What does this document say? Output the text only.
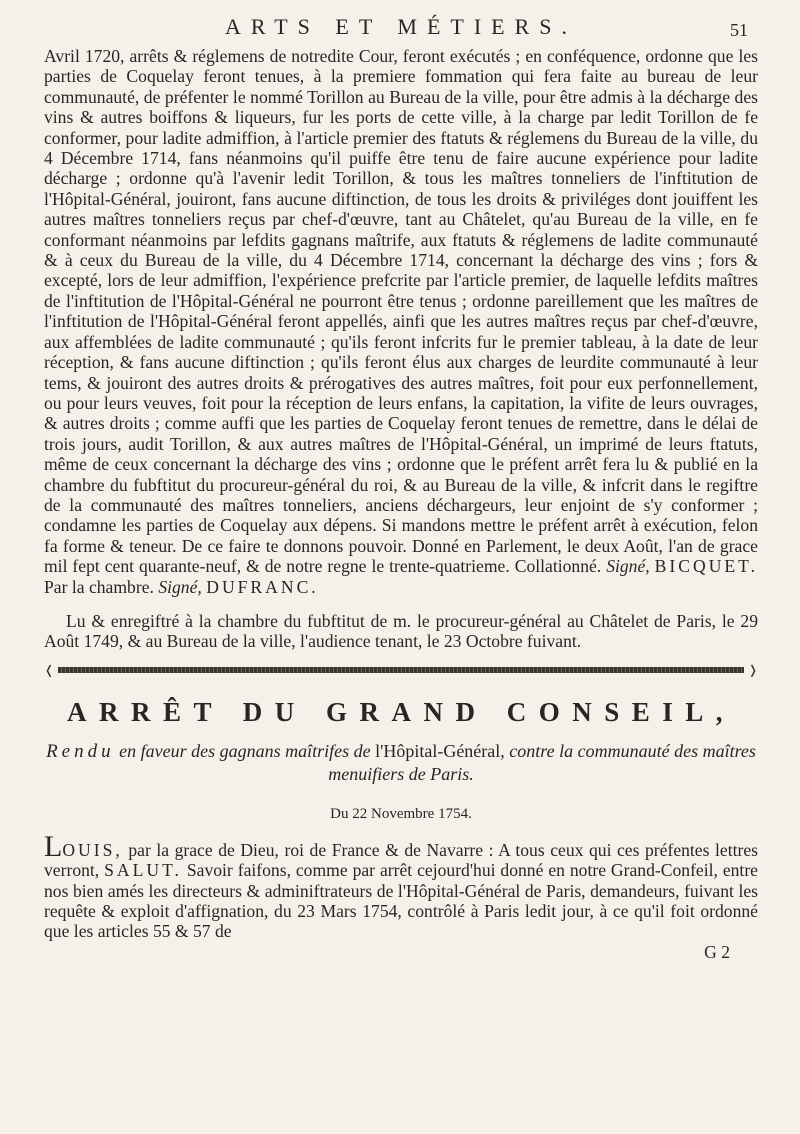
ARTS ET MÉTIERS.	51

Avril 1720, arrêts & réglemens de notredite Cour, feront exécutés ; en conféquence, ordonne que les parties de Coquelay feront tenues, à la premiere fommation qui fera faite au bureau de leur communauté, de préfenter le nommé Torillon au Bureau de la ville, pour être admis à la décharge des vins & autres boiffons & liqueurs, fur les ports de cette ville, à la charge par ledit Torillon de fe conformer, pour ladite admiffion, à l'article premier des ftatuts & réglemens du Bureau de la ville, du 4 Décembre 1714, fans néanmoins qu'il puiffe être tenu de faire aucune expérience pour ladite décharge ; ordonne qu'à l'avenir ledit Torillon, & tous les maîtres tonneliers de l'inftitution de l'Hôpital-Général, jouiront, fans aucune diftinction, de tous les droits & priviléges dont jouiffent les autres maîtres tonneliers reçus par chef-d'œuvre, tant au Châtelet, qu'au Bureau de la ville, en fe conformant néanmoins par lefdits gagnans maîtrife, aux ftatuts & réglemens de ladite communauté & à ceux du Bureau de la ville, du 4 Décembre 1714, concernant la décharge des vins ; fors & excepté, lors de leur admiffion, l'expérience prefcrite par l'article premier, de laquelle lefdits maîtres de l'inftitution de l'Hôpital-Général ne pourront être tenus ; ordonne pareillement que les maîtres de l'inftitution de l'Hôpital-Général feront appellés, ainfi que les autres maîtres reçus par chef-d'œuvre, aux affemblées de ladite communauté ; qu'ils feront infcrits fur le premier tableau, à la date de leur réception, & fans aucune diftinction ; qu'ils feront élus aux charges de leurdite communauté à leur tems, & jouiront des autres droits & prérogatives des autres maîtres, foit pour eux perfonnellement, ou pour leurs veuves, foit pour la réception de leurs enfans, la capitation, la vifite de leurs ouvrages, & autres droits ; comme auffi que les parties de Coquelay feront tenues de remettre, dans le délai de trois jours, audit Torillon, & aux autres maîtres de l'Hôpital-Général, un imprimé de leurs ftatuts, même de ceux concernant la décharge des vins ; ordonne que le préfent arrêt fera lu & publié en la chambre du fubftitut du procureur-général du roi, & au Bureau de la ville, & infcrit dans le regiftre de la communauté des maîtres tonneliers, anciens déchargeurs, leur enjoint de s'y conformer ; condamne les parties de Coquelay aux dépens. Si mandons mettre le préfent arrêt à exécution, felon fa forme & teneur. De ce faire te donnons pouvoir. Donné en Parlement, le deux Août, l'an de grace mil fept cent quarante-neuf, & de notre regne le trente-quatrieme. Collationné. Signé, BICQUET. Par la chambre. Signé, DUFRANC.

Lu & enregiftré à la chambre du fubftitut de m. le procureur-général au Châtelet de Paris, le 29 Août 1749, & au Bureau de la ville, l'audience tenant, le 23 Octobre fuivant.

❬	❭
ARRÊT DU GRAND CONSEIL,
Rendu en faveur des gagnans maîtrifes de l'Hôpital-Général, contre la communauté des maîtres menuifiers de Paris.
Du 22 Novembre 1754.

LOUIS, par la grace de Dieu, roi de France & de Navarre : A tous ceux qui ces préfentes lettres verront, SALUT. Savoir faifons, comme par arrêt cejourd'hui donné en notre Grand-Confeil, entre nos bien amés les directeurs & adminiftrateurs de l'Hôpital-Général de Paris, demandeurs, fuivant les requête & exploit d'affignation, du 23 Mars 1754, contrôlé à Paris ledit jour, à ce qu'il foit ordonné que les articles 55 & 57 de

G 2
